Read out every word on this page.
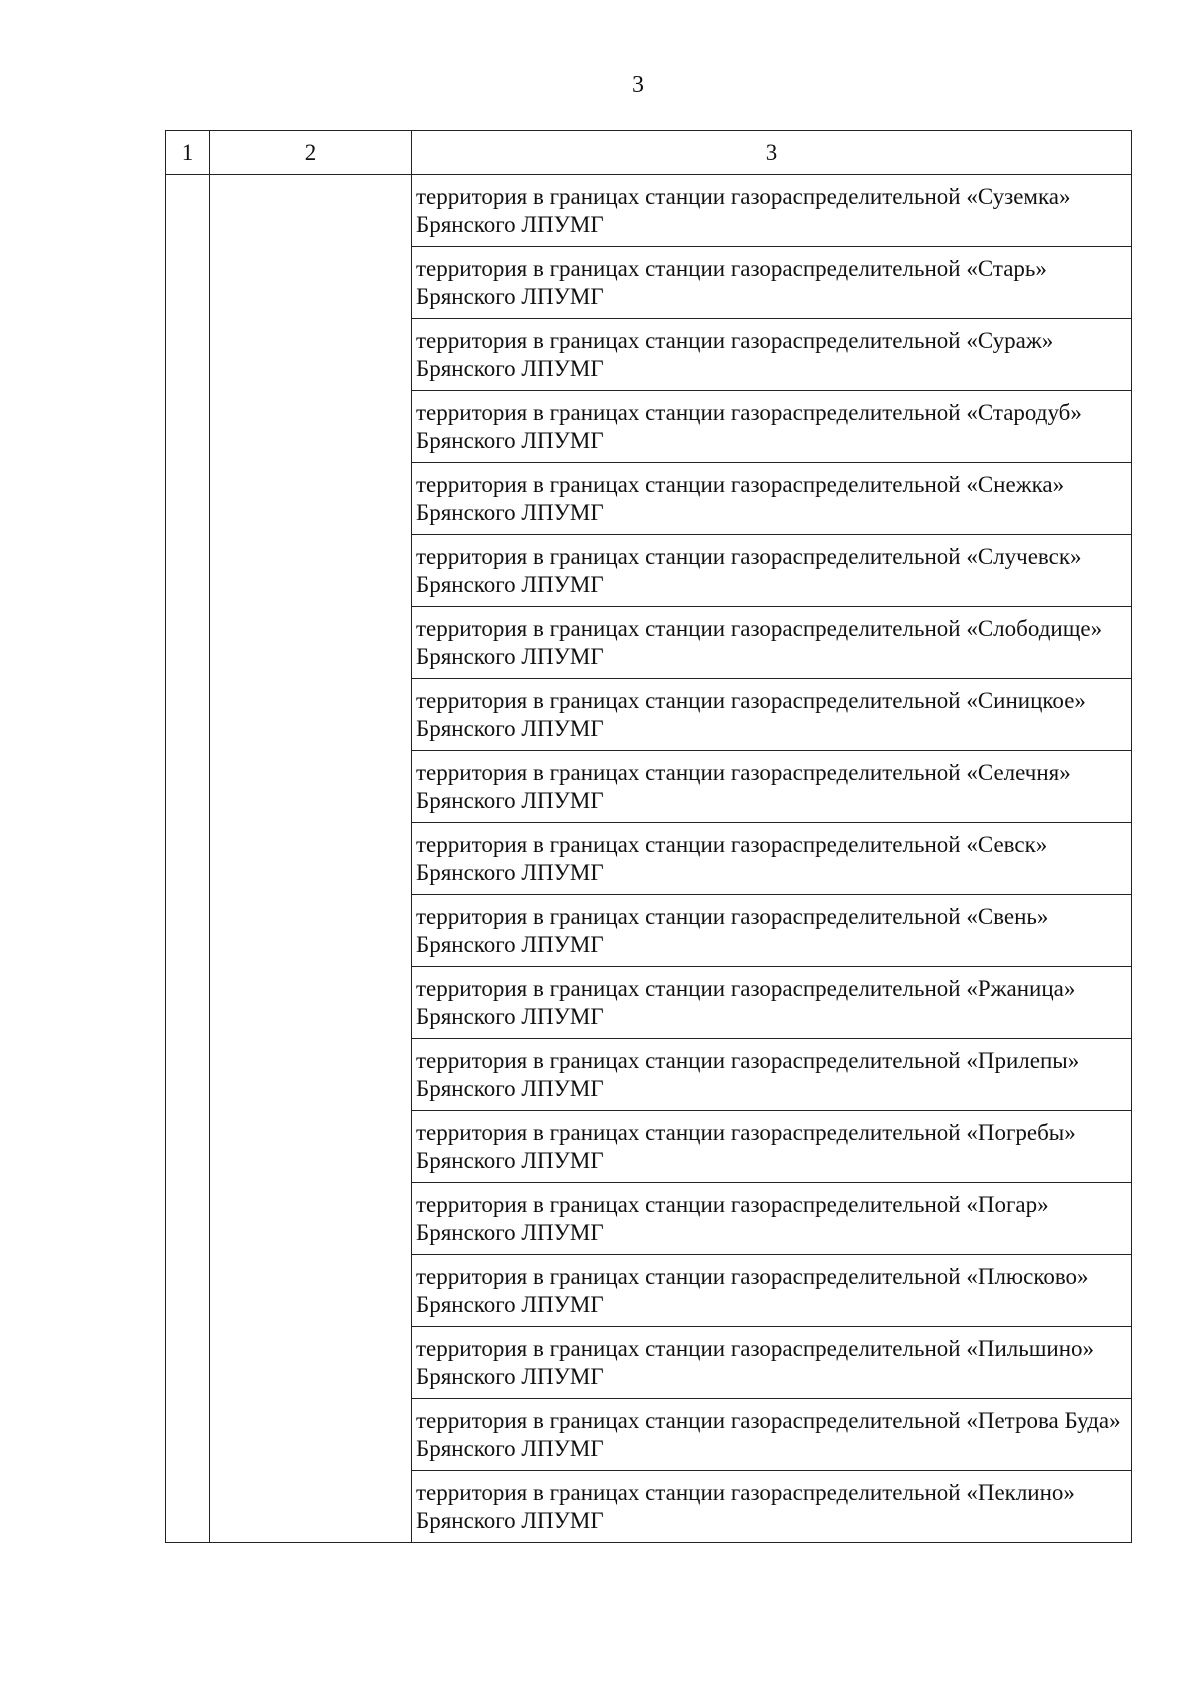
3
1	2	3
		территория в границах станции газораспределительной «Суземка» Брянского ЛПУМГ
		территория в границах станции газораспределительной «Старь» Брянского ЛПУМГ
		территория в границах станции газораспределительной «Сураж» Брянского ЛПУМГ
		территория в границах станции газораспределительной «Стародуб» Брянского ЛПУМГ
		территория в границах станции газораспределительной «Снежка» Брянского ЛПУМГ
		территория в границах станции газораспределительной «Случевск» Брянского ЛПУМГ
		территория в границах станции газораспределительной «Слободище» Брянского ЛПУМГ
		территория в границах станции газораспределительной «Синицкое» Брянского ЛПУМГ
		территория в границах станции газораспределительной «Селечня» Брянского ЛПУМГ
		территория в границах станции газораспределительной «Севск» Брянского ЛПУМГ
		территория в границах станции газораспределительной «Свень» Брянского ЛПУМГ
		территория в границах станции газораспределительной «Ржаница» Брянского ЛПУМГ
		территория в границах станции газораспределительной «Прилепы» Брянского ЛПУМГ
		территория в границах станции газораспределительной «Погребы» Брянского ЛПУМГ
		территория в границах станции газораспределительной «Погар» Брянского ЛПУМГ
		территория в границах станции газораспределительной «Плюсково» Брянского ЛПУМГ
		территория в границах станции газораспределительной «Пильшино» Брянского ЛПУМГ
		территория в границах станции газораспределительной «Петрова Буда» Брянского ЛПУМГ
		территория в границах станции газораспределительной «Пеклино» Брянского ЛПУМГ
